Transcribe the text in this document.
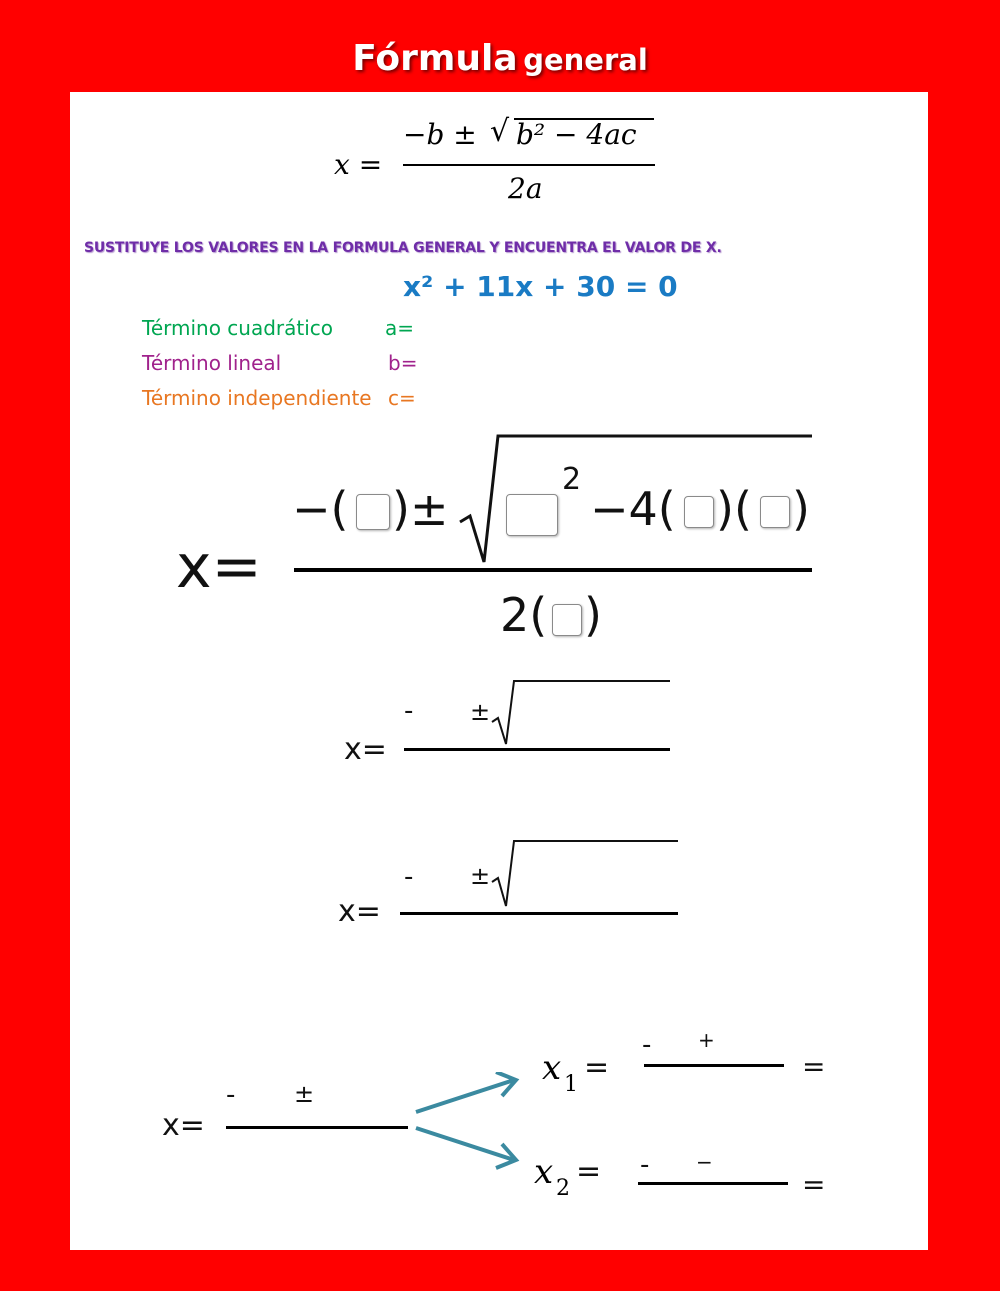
Fórmula general
x =
−b ± √ b² − 4ac
2a
SUSTITUYE LOS VALORES EN LA FORMULA GENERAL Y ENCUENTRA EL VALOR DE X.
x² + 11x + 30 = 0
Término cuadrático	a=
Término lineal	b=
Término independiente c=
x=
−( )±
2
−4( )( )
2( )
x=
- ±
x=
- ±
x=
- ±
x 1 =
- +
=
x 2 = - −
=
